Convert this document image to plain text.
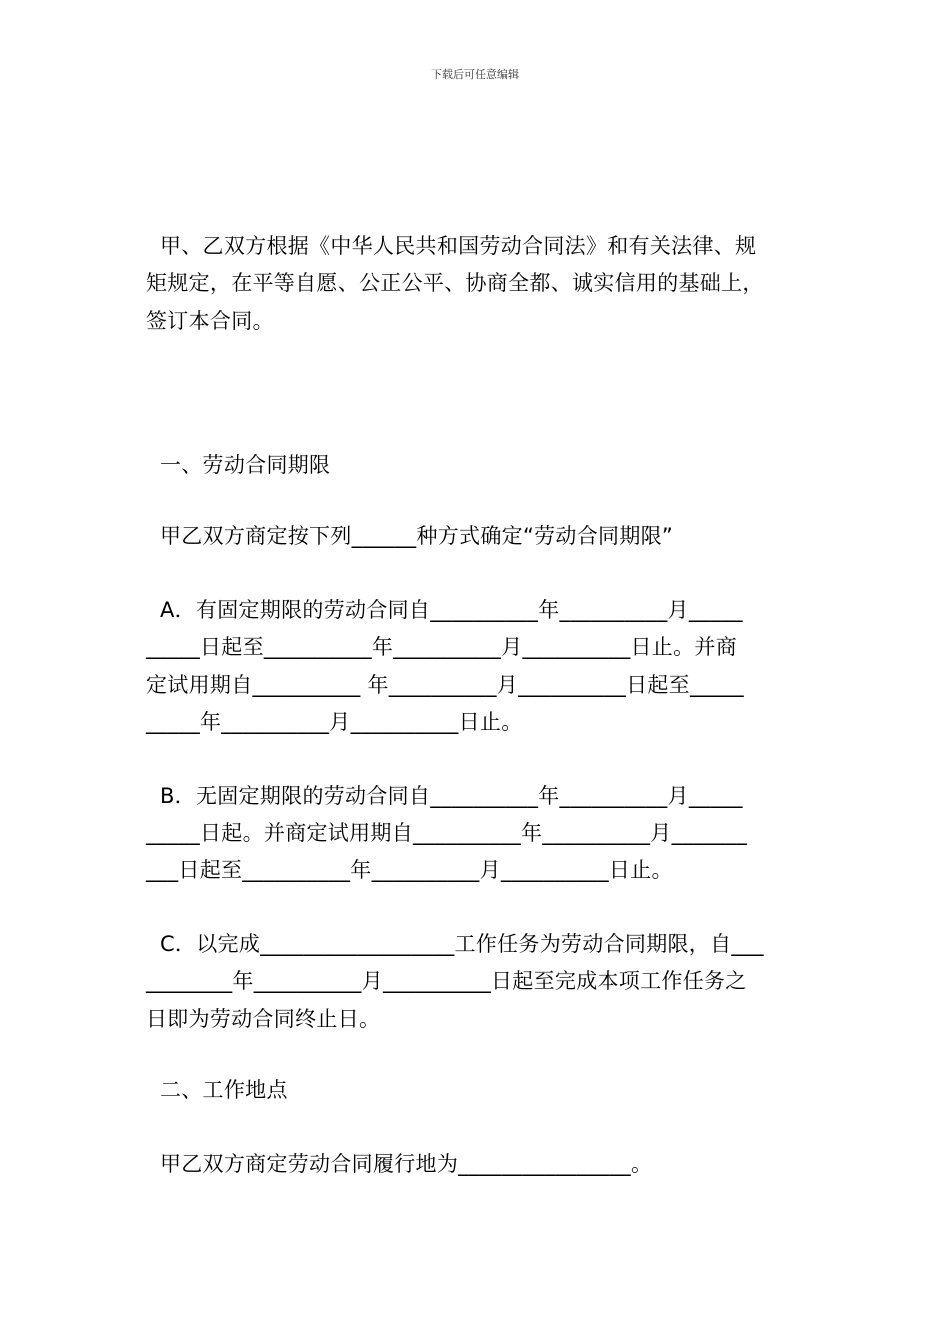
下载后可任意编辑
甲、乙双方根据《中华人民共和国劳动合同法》和有关法律、规
矩规定，在平等自愿、公正公平、协商全都、诚实信用的基础上，
签订本合同。
一、劳动合同期限
甲乙双方商定按下列______种方式确定“劳动合同期限”
A．有固定期限的劳动合同自__________年__________月_____
_____日起至__________年__________月__________日止。并商
定试用期自__________ 年__________月__________日起至_____
_____年__________月__________日止。
B．无固定期限的劳动合同自__________年__________月_____
_____日起。并商定试用期自__________年__________月_______
___日起至__________年__________月__________日止。
C．以完成__________________工作任务为劳动合同期限，自___
________年__________月__________日起至完成本项工作任务之
日即为劳动合同终止日。
二、工作地点
甲乙双方商定劳动合同履行地为________________。
